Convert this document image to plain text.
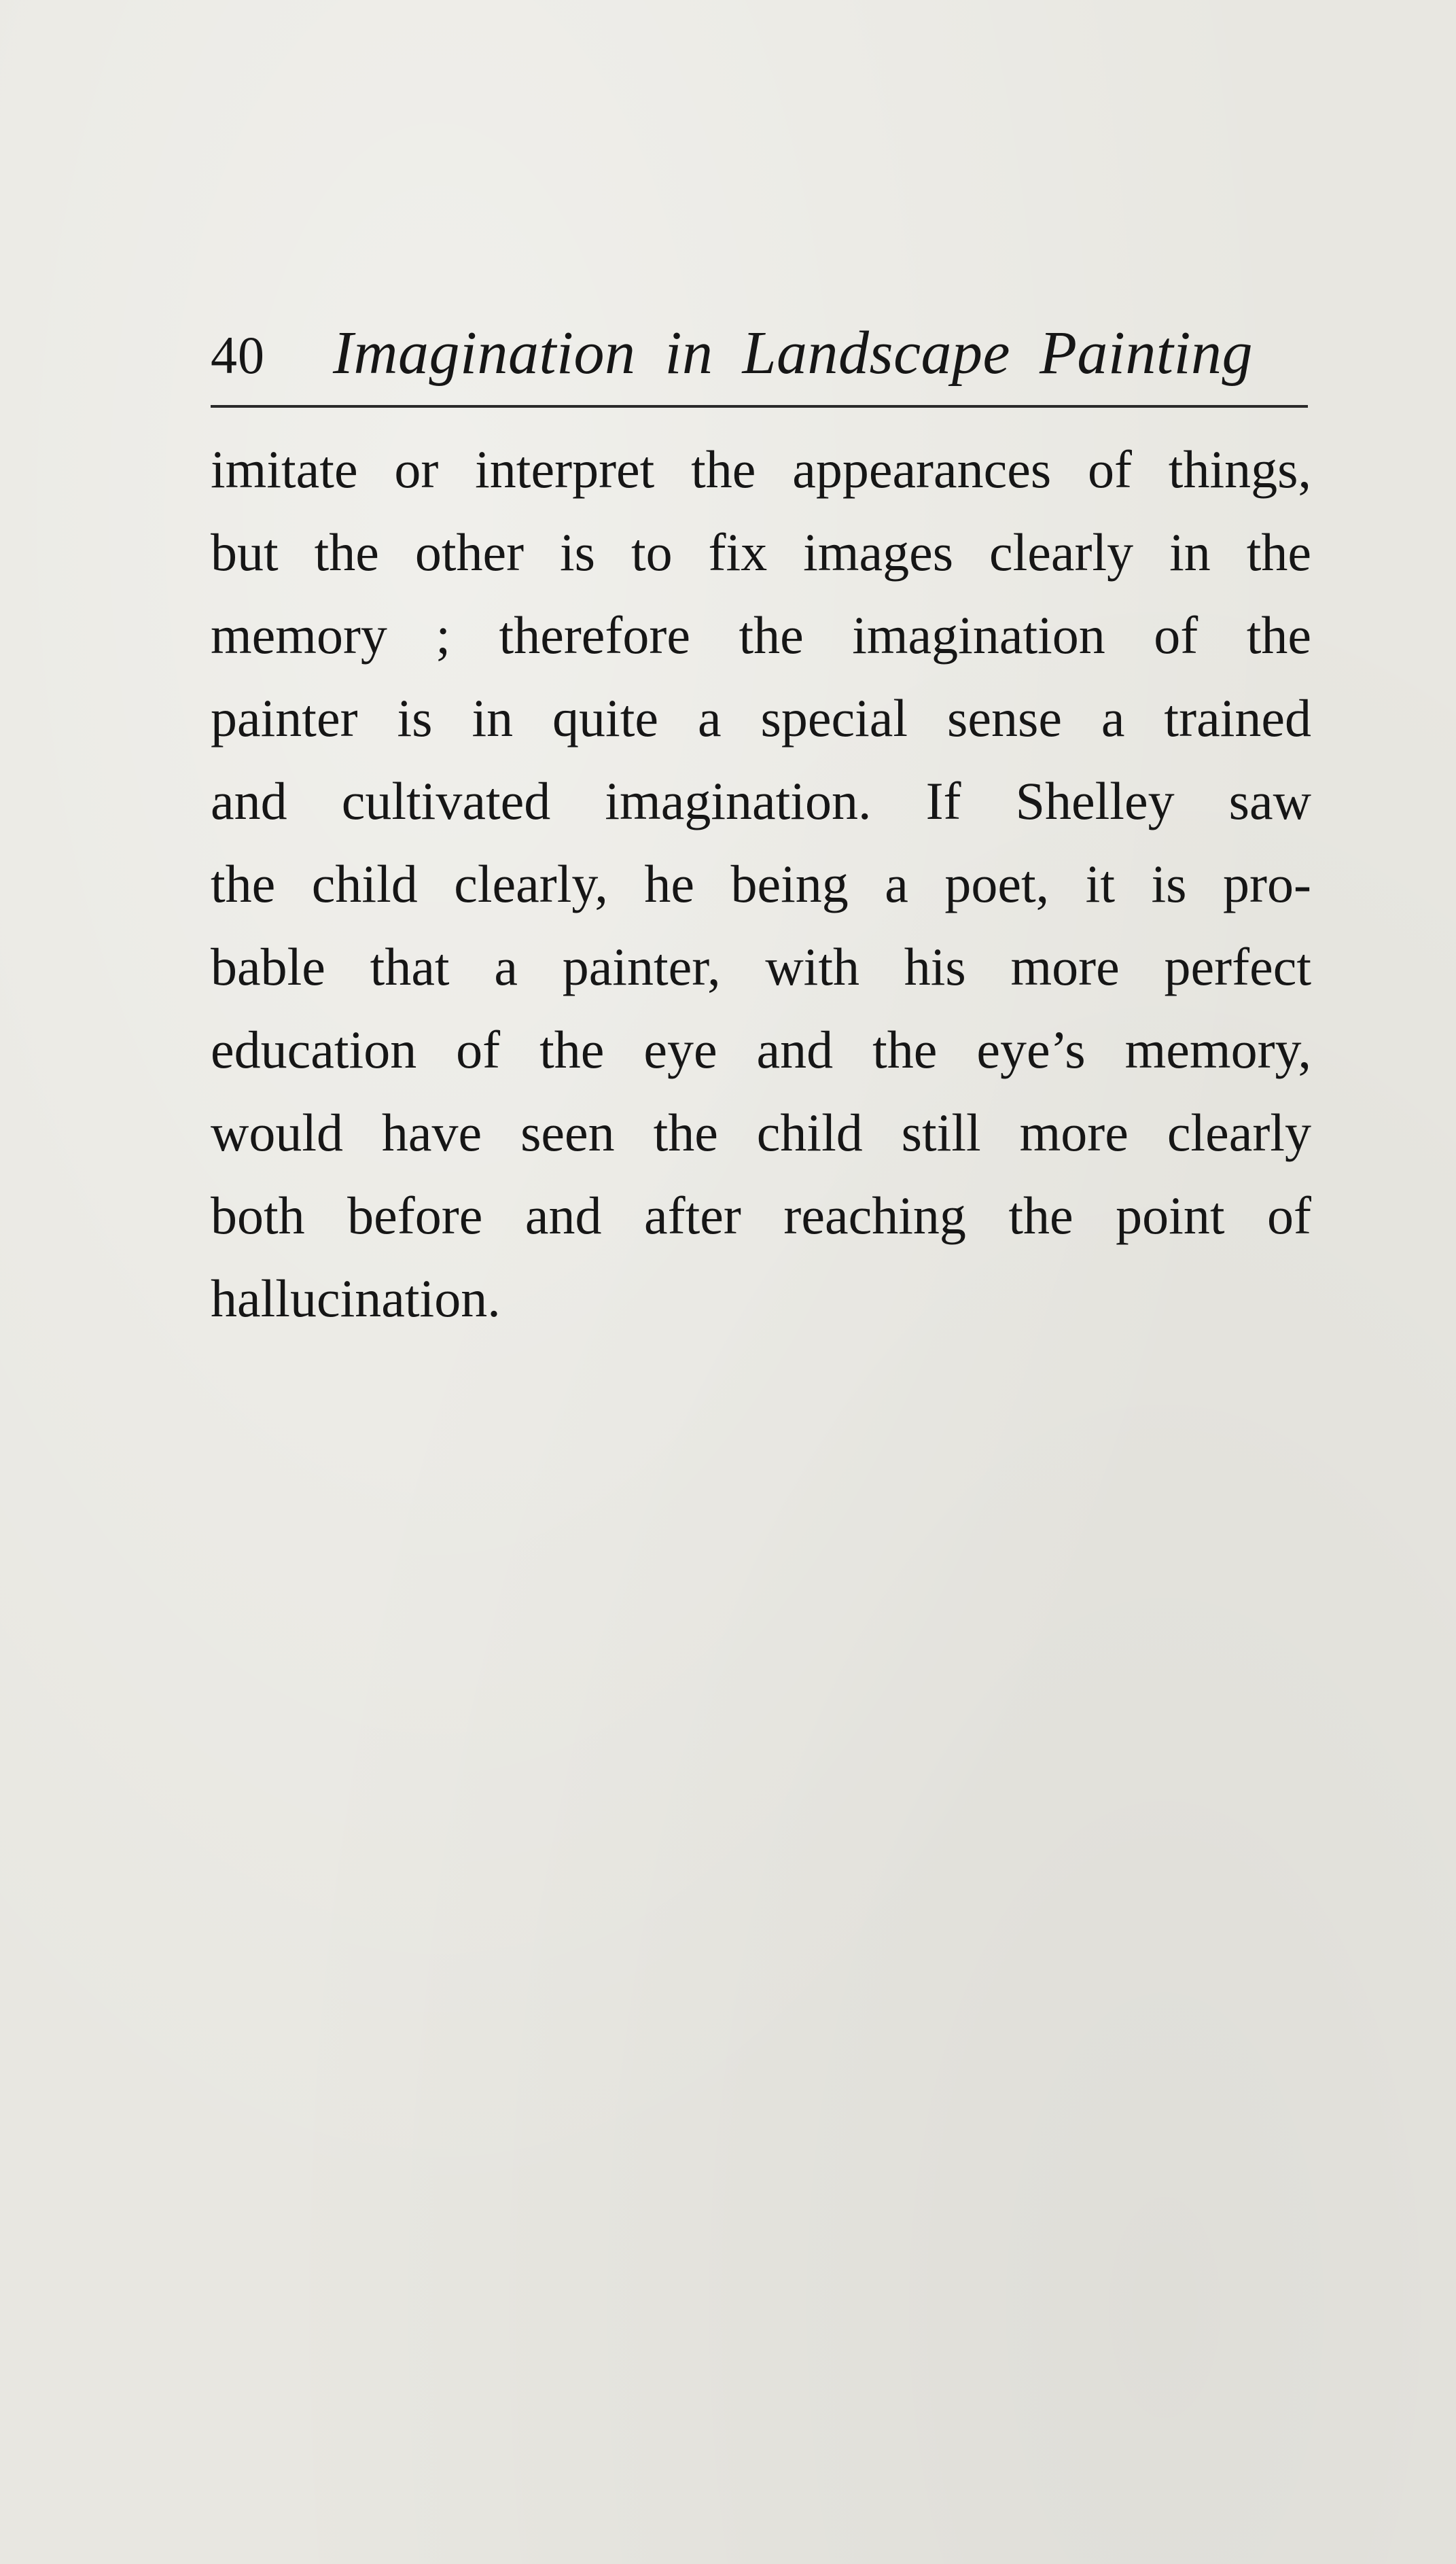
40 Imagination in Landscape Painting
imitate or interpret the appearances of things,
but the other is to fix images clearly in the
memory ; therefore the imagination of the
painter is in quite a special sense a trained
and cultivated imagination. If Shelley saw
the child clearly, he being a poet, it is pro-
bable that a painter, with his more perfect
education of the eye and the eye’s memory,
would have seen the child still more clearly
both before and after reaching the point of
hallucination.
